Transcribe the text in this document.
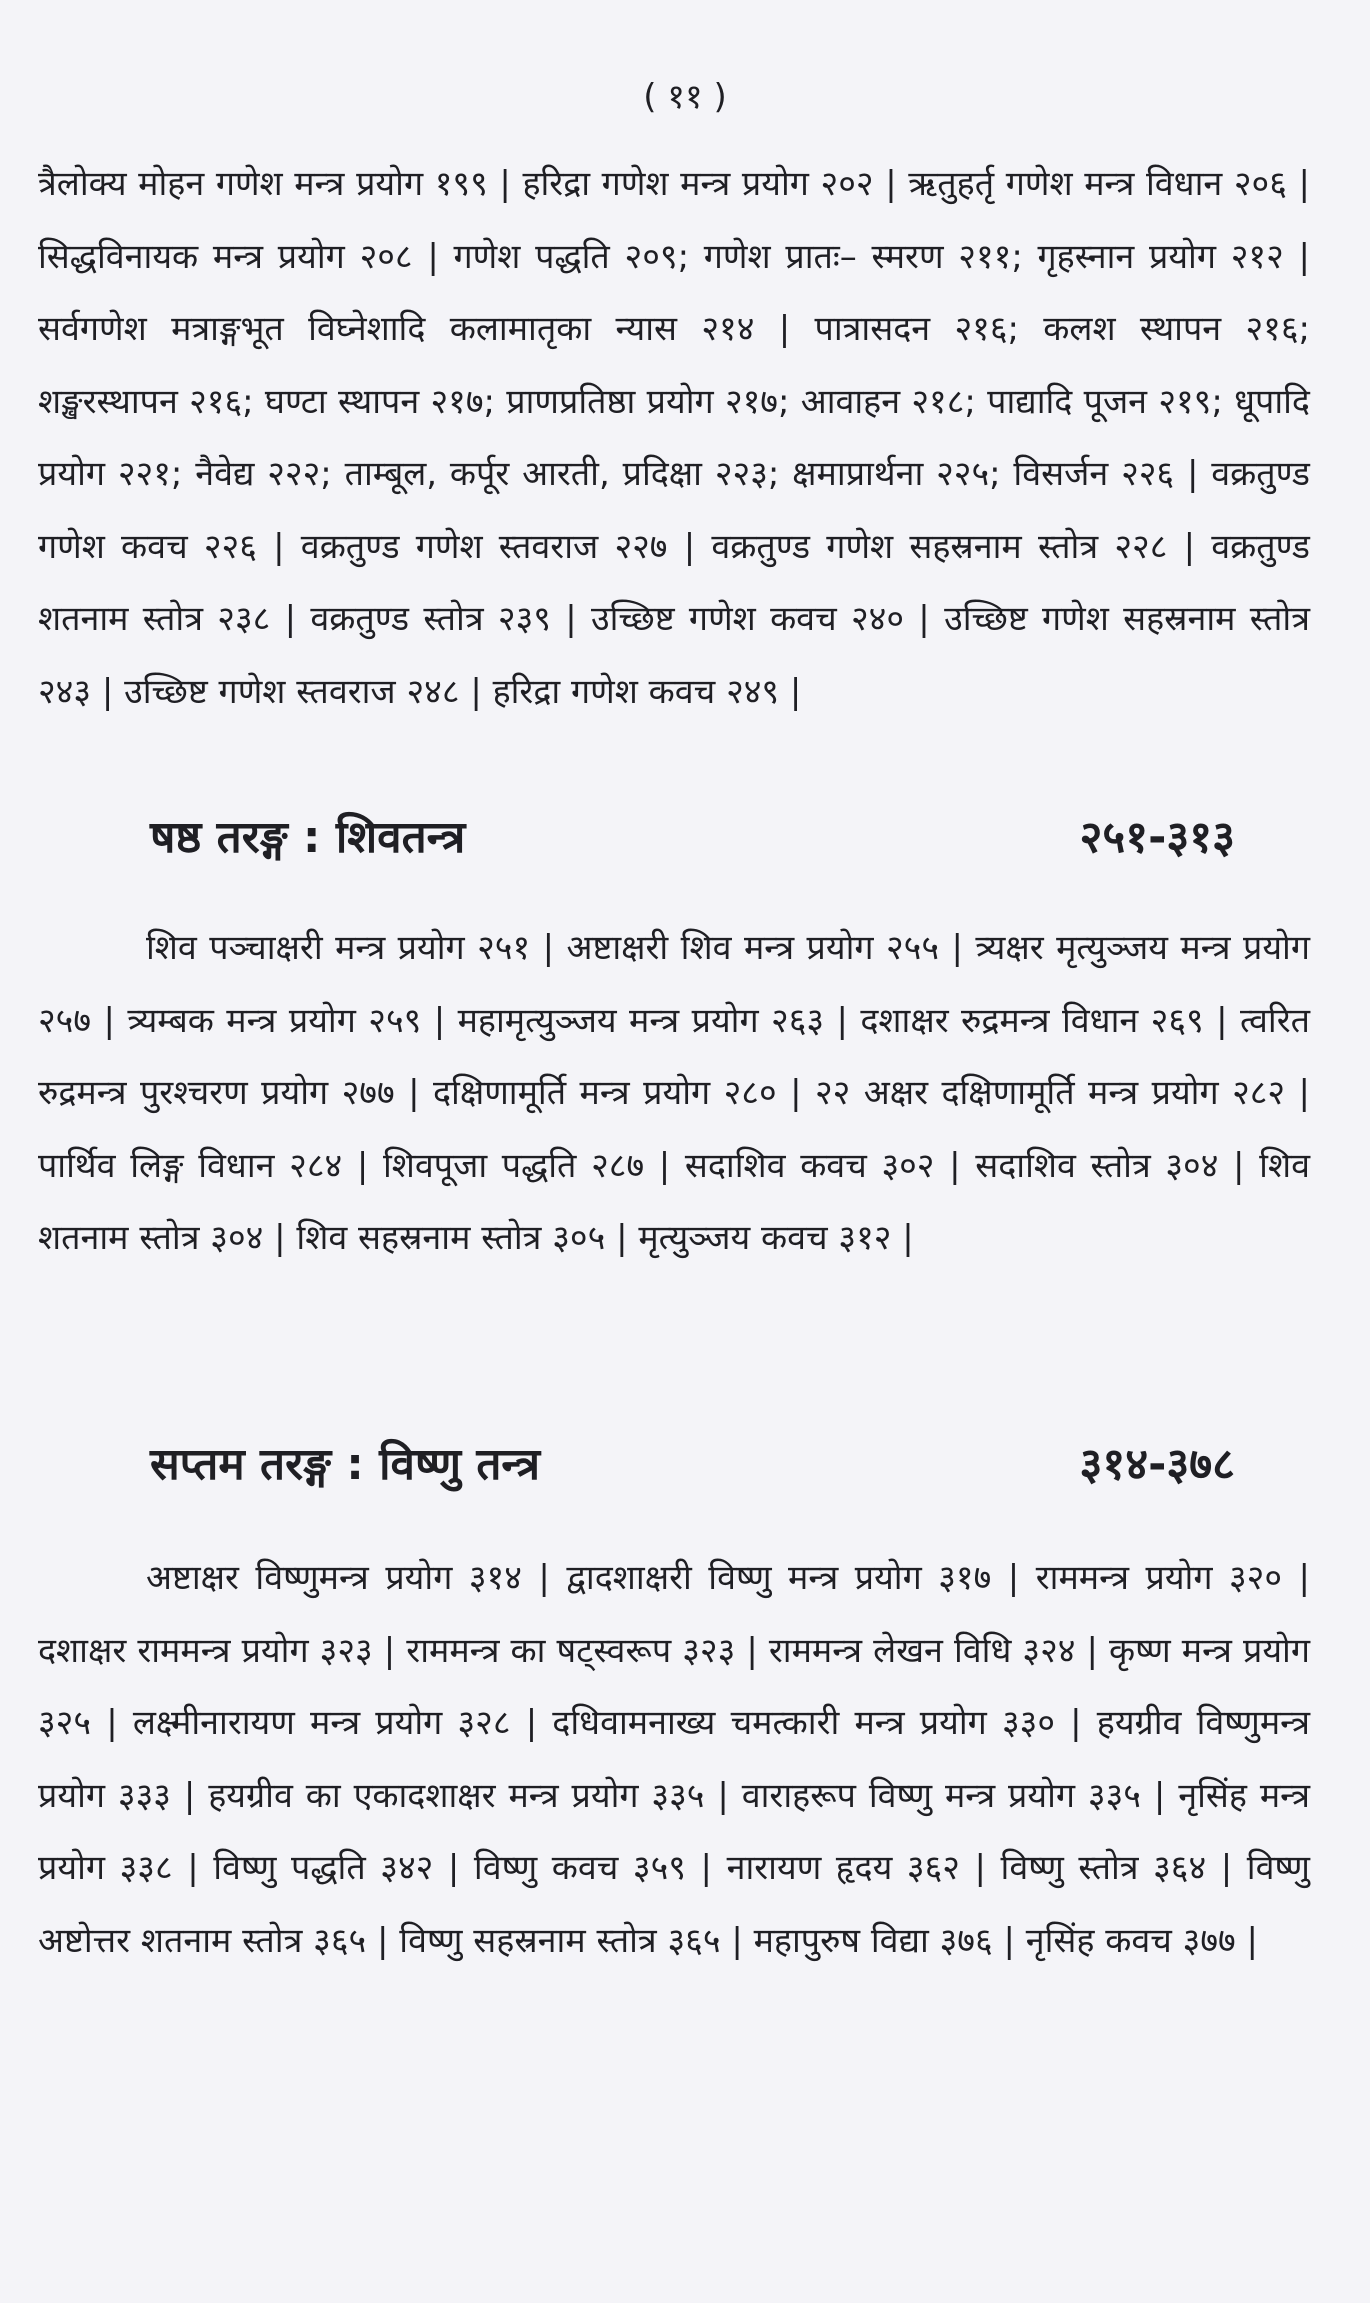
( ११ )

त्रैलोक्य मोहन गणेश मन्त्र प्रयोग १९९ | हरिद्रा गणेश मन्त्र प्रयोग २०२ | ऋतुहर्तृ गणेश मन्त्र विधान २०६ | सिद्धविनायक मन्त्र प्रयोग २०८ | गणेश पद्धति २०९; गणेश प्रातः– स्मरण २११; गृहस्नान प्रयोग २१२ | सर्वगणेश मत्राङ्गभूत विघ्नेशादि कलामातृका न्यास २१४ | पात्रासदन २१६; कलश स्थापन २१६; शङ्खरस्थापन २१६; घण्टा स्थापन २१७; प्राणप्रतिष्ठा प्रयोग २१७; आवाहन २१८; पाद्यादि पूजन २१९; धूपादि प्रयोग २२१; नैवेद्य २२२; ताम्बूल, कर्पूर आरती, प्रदिक्षा २२३; क्षमाप्रार्थना २२५; विसर्जन २२६ | वक्रतुण्ड गणेश कवच २२६ | वक्रतुण्ड गणेश स्तवराज २२७ | वक्रतुण्ड गणेश सहस्रनाम स्तोत्र २२८ | वक्रतुण्ड शतनाम स्तोत्र २३८ | वक्रतुण्ड स्तोत्र २३९ | उच्छिष्ट गणेश कवच २४० | उच्छिष्ट गणेश सहस्रनाम स्तोत्र २४३ | उच्छिष्ट गणेश स्तवराज २४८ | हरिद्रा गणेश कवच २४९ |

षष्ठ तरङ्ग : शिवतन्त्र	२५१-३१३

शिव पञ्चाक्षरी मन्त्र प्रयोग २५१ | अष्टाक्षरी शिव मन्त्र प्रयोग २५५ | त्र्यक्षर मृत्युञ्जय मन्त्र प्रयोग २५७ | त्र्यम्बक मन्त्र प्रयोग २५९ | महामृत्युञ्जय मन्त्र प्रयोग २६३ | दशाक्षर रुद्रमन्त्र विधान २६९ | त्वरित रुद्रमन्त्र पुरश्चरण प्रयोग २७७ | दक्षिणामूर्ति मन्त्र प्रयोग २८० | २२ अक्षर दक्षिणामूर्ति मन्त्र प्रयोग २८२ | पार्थिव लिङ्ग विधान २८४ | शिवपूजा पद्धति २८७ | सदाशिव कवच ३०२ | सदाशिव स्तोत्र ३०४ | शिव शतनाम स्तोत्र ३०४ | शिव सहस्रनाम स्तोत्र ३०५ | मृत्युञ्जय कवच ३१२ |

सप्तम तरङ्ग : विष्णु तन्त्र	३१४-३७८

अष्टाक्षर विष्णुमन्त्र प्रयोग ३१४ | द्वादशाक्षरी विष्णु मन्त्र प्रयोग ३१७ | राममन्त्र प्रयोग ३२० | दशाक्षर राममन्त्र प्रयोग ३२३ | राममन्त्र का षट्स्वरूप ३२३ | राममन्त्र लेखन विधि ३२४ | कृष्ण मन्त्र प्रयोग ३२५ | लक्ष्मीनारायण मन्त्र प्रयोग ३२८ | दधिवामनाख्य चमत्कारी मन्त्र प्रयोग ३३० | हयग्रीव विष्णुमन्त्र प्रयोग ३३३ | हयग्रीव का एकादशाक्षर मन्त्र प्रयोग ३३५ | वाराहरूप विष्णु मन्त्र प्रयोग ३३५ | नृसिंह मन्त्र प्रयोग ३३८ | विष्णु पद्धति ३४२ | विष्णु कवच ३५९ | नारायण हृदय ३६२ | विष्णु स्तोत्र ३६४ | विष्णु अष्टोत्तर शतनाम स्तोत्र ३६५ | विष्णु सहस्रनाम स्तोत्र ३६५ | महापुरुष विद्या ३७६ | नृसिंह कवच ३७७ |
